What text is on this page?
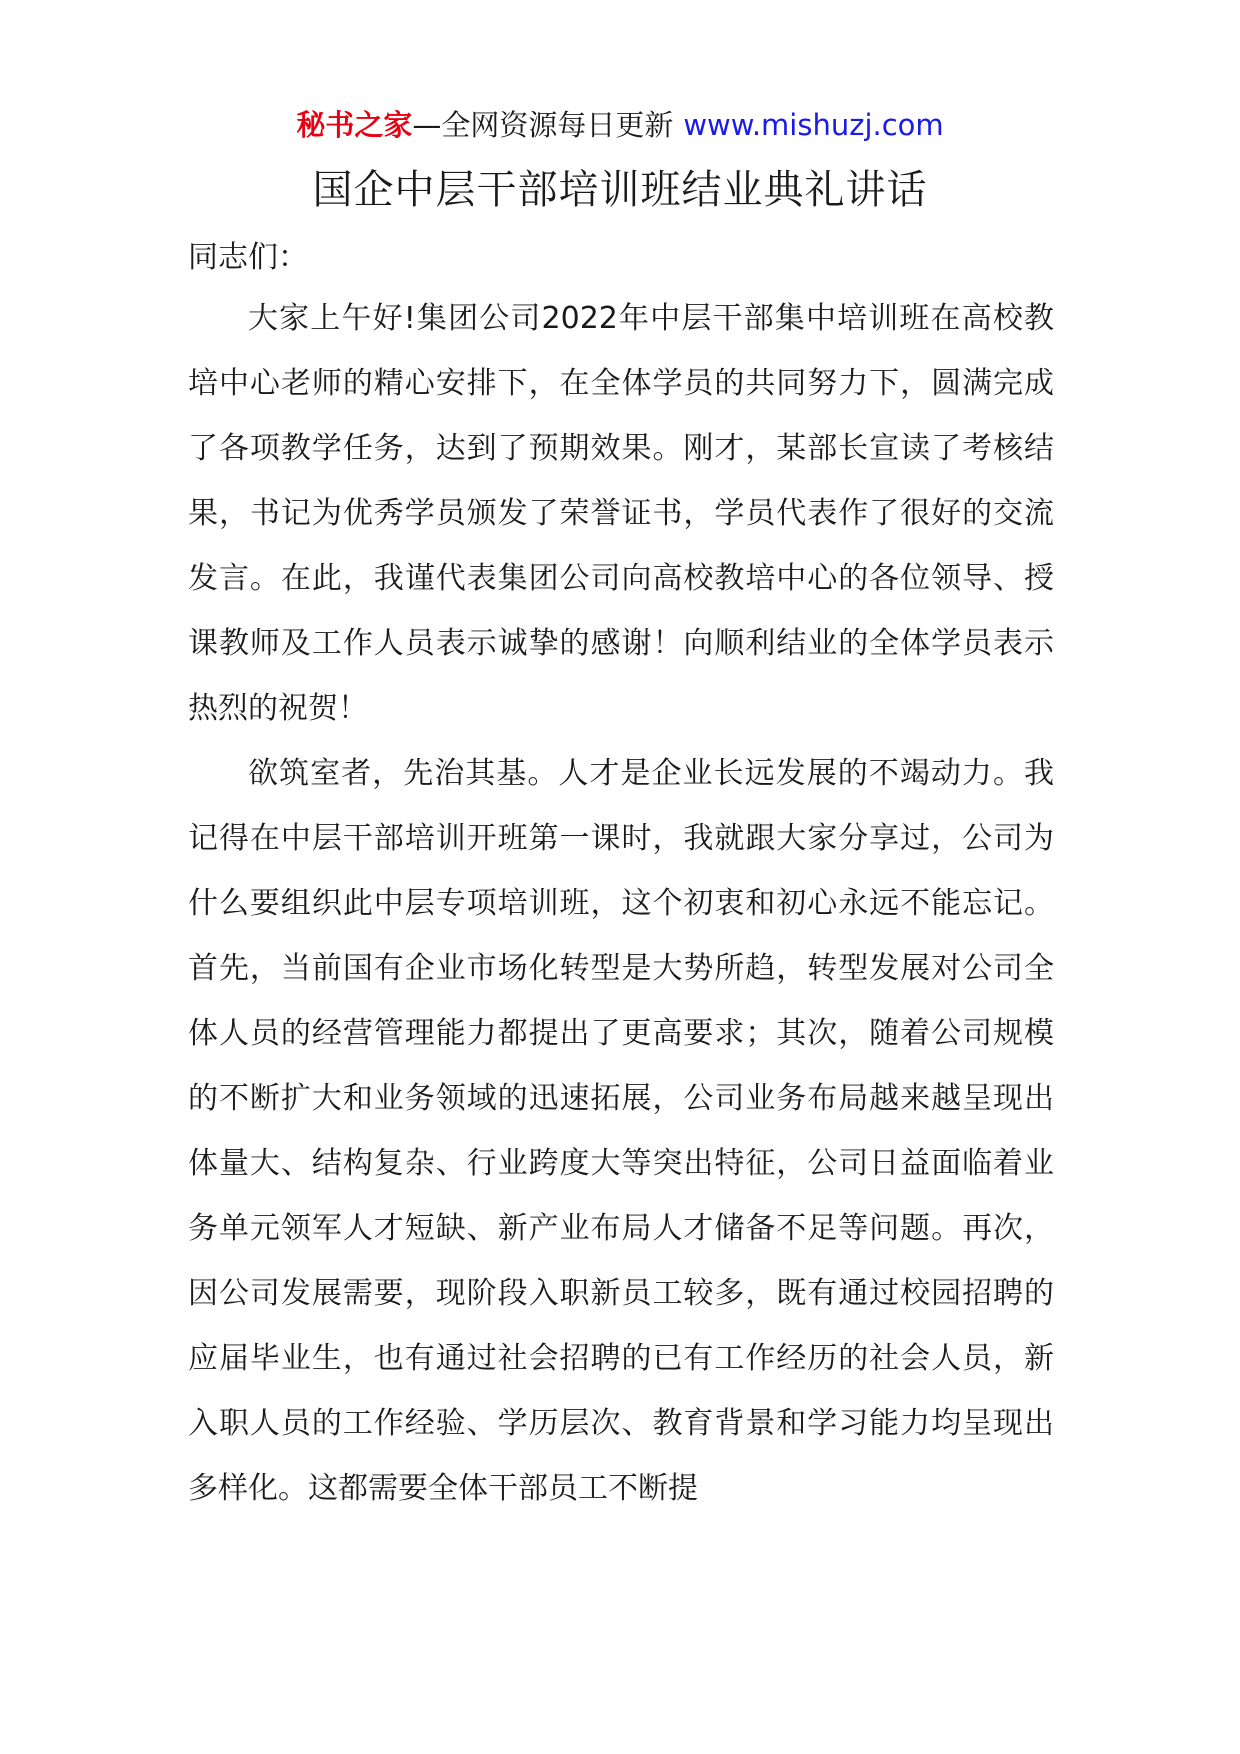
秘书之家—全网资源每日更新 www.mishuzj.com
国企中层干部培训班结业典礼讲话

同志们：

大家上午好!集团公司2022年中层干部集中培训班在高校教培中心老师的精心安排下，在全体学员的共同努力下，圆满完成了各项教学任务，达到了预期效果。刚才，某部长宣读了考核结果，书记为优秀学员颁发了荣誉证书，学员代表作了很好的交流发言。在此，我谨代表集团公司向高校教培中心的各位领导、授课教师及工作人员表示诚挚的感谢！向顺利结业的全体学员表示热烈的祝贺！

欲筑室者，先治其基。人才是企业长远发展的不竭动力。我记得在中层干部培训开班第一课时，我就跟大家分享过，公司为什么要组织此中层专项培训班，这个初衷和初心永远不能忘记。首先，当前国有企业市场化转型是大势所趋，转型发展对公司全体人员的经营管理能力都提出了更高要求；其次，随着公司规模的不断扩大和业务领域的迅速拓展，公司业务布局越来越呈现出体量大、结构复杂、行业跨度大等突出特征，公司日益面临着业务单元领军人才短缺、新产业布局人才储备不足等问题。再次，因公司发展需要，现阶段入职新员工较多，既有通过校园招聘的应届毕业生，也有通过社会招聘的已有工作经历的社会人员，新入职人员的工作经验、学历层次、教育背景和学习能力均呈现出多样化。这都需要全体干部员工不断提
